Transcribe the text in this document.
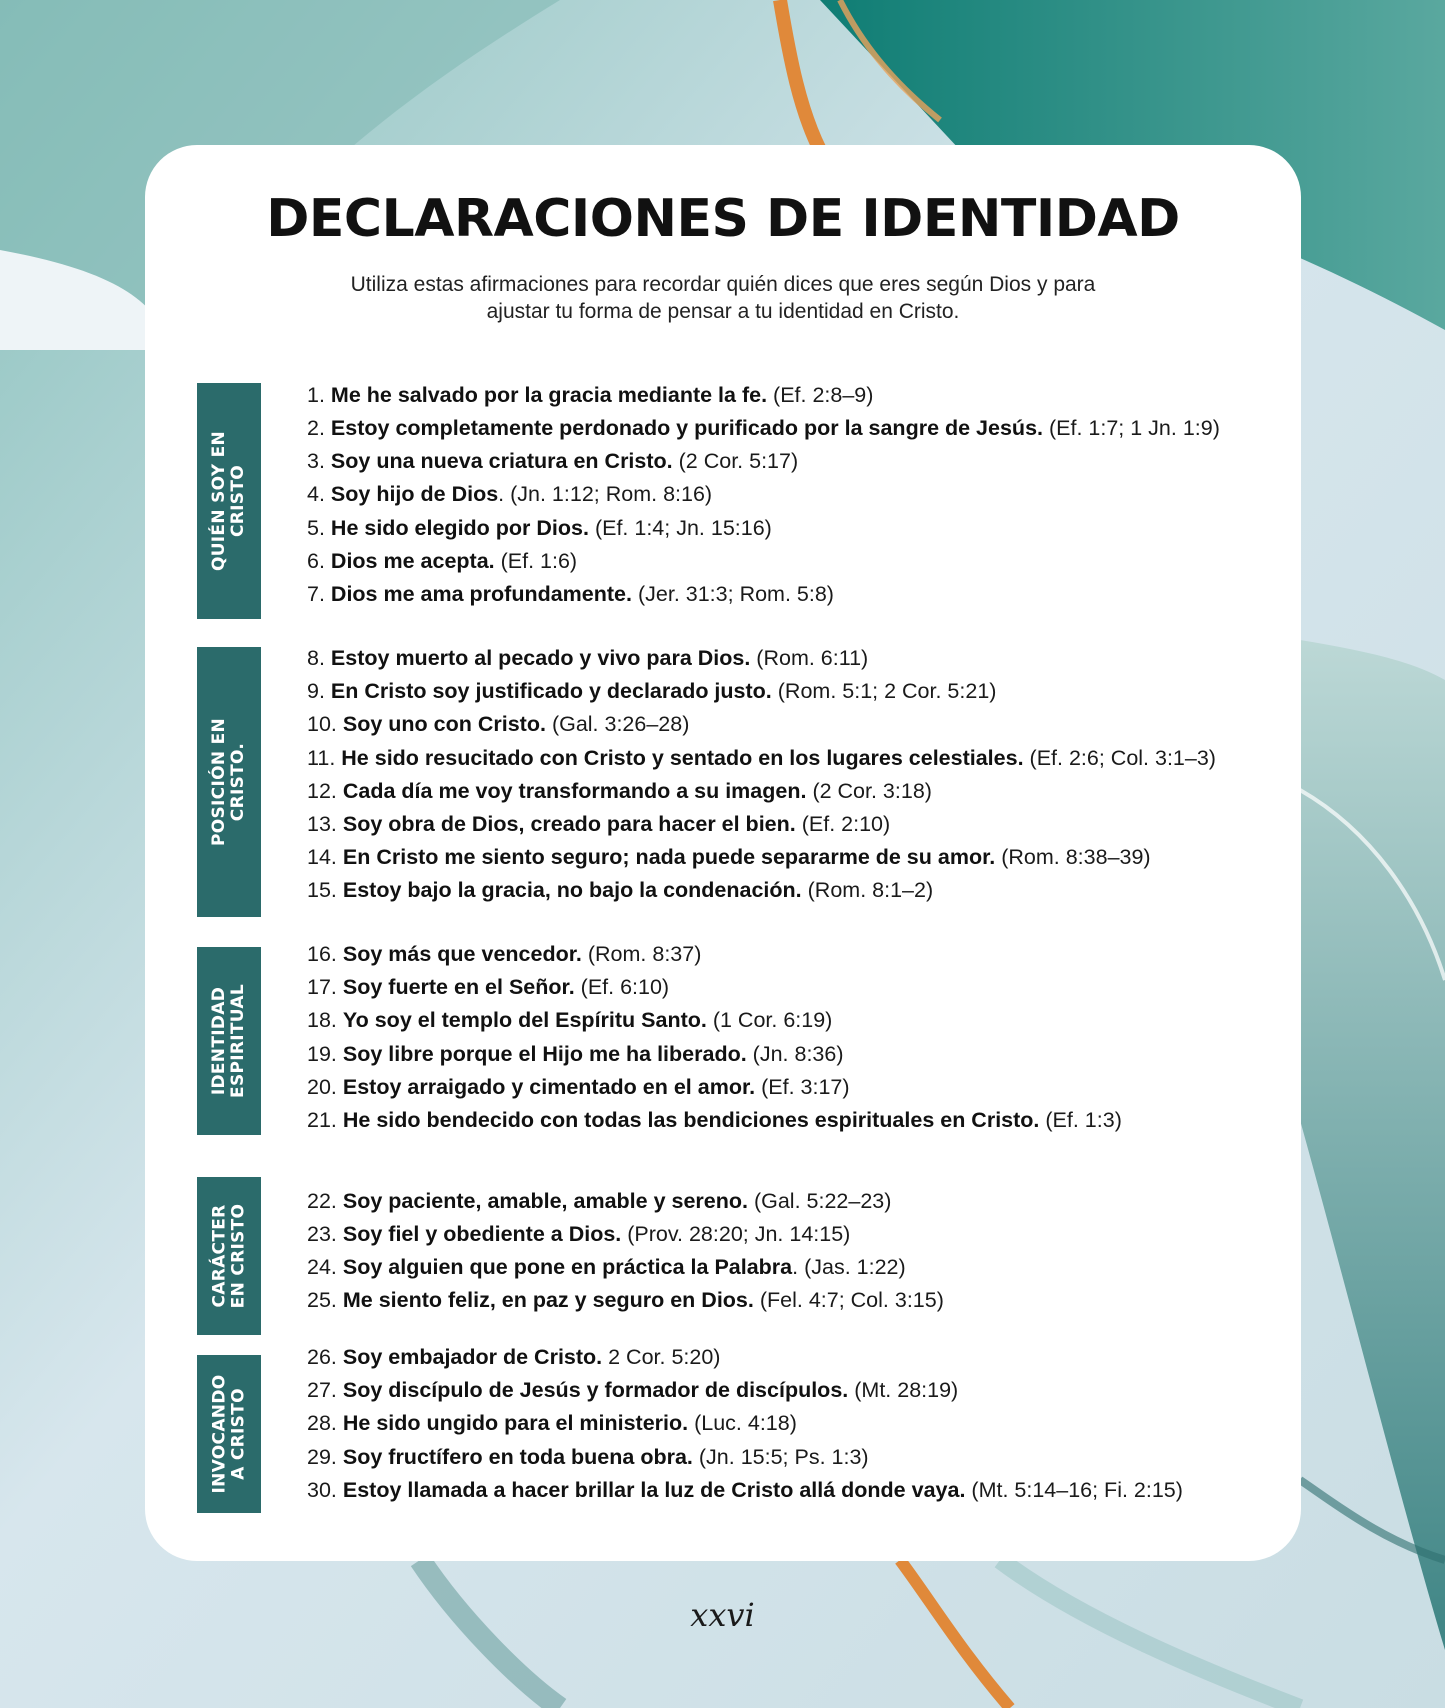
DECLARACIONES DE IDENTIDAD

Utiliza estas afirmaciones para recordar quién dices que eres según Dios y para
ajustar tu forma de pensar a tu identidad en Cristo.

QUIÉN SOY EN CRISTO
POSICIÓN EN CRISTO.
IDENTIDAD ESPIRITUAL
CARÁCTER EN CRISTO
INVOCANDO A CRISTO
1. Me he salvado por la gracia mediante la fe. (Ef. 2:8–9)
2. Estoy completamente perdonado y purificado por la sangre de Jesús. (Ef. 1:7; 1 Jn. 1:9)
3. Soy una nueva criatura en Cristo. (2 Cor. 5:17)
4. Soy hijo de Dios. (Jn. 1:12; Rom. 8:16)
5. He sido elegido por Dios. (Ef. 1:4; Jn. 15:16)
6. Dios me acepta. (Ef. 1:6)
7. Dios me ama profundamente. (Jer. 31:3; Rom. 5:8)
8. Estoy muerto al pecado y vivo para Dios. (Rom. 6:11)
9. En Cristo soy justificado y declarado justo. (Rom. 5:1; 2 Cor. 5:21)
10. Soy uno con Cristo. (Gal. 3:26–28)
11. He sido resucitado con Cristo y sentado en los lugares celestiales. (Ef. 2:6; Col. 3:1–3)
12. Cada día me voy transformando a su imagen. (2 Cor. 3:18)
13. Soy obra de Dios, creado para hacer el bien. (Ef. 2:10)
14. En Cristo me siento seguro; nada puede separarme de su amor. (Rom. 8:38–39)
15. Estoy bajo la gracia, no bajo la condenación. (Rom. 8:1–2)
16. Soy más que vencedor. (Rom. 8:37)
17. Soy fuerte en el Señor. (Ef. 6:10)
18. Yo soy el templo del Espíritu Santo. (1 Cor. 6:19)
19. Soy libre porque el Hijo me ha liberado. (Jn. 8:36)
20. Estoy arraigado y cimentado en el amor. (Ef. 3:17)
21. He sido bendecido con todas las bendiciones espirituales en Cristo. (Ef. 1:3)
22. Soy paciente, amable, amable y sereno. (Gal. 5:22–23)
23. Soy fiel y obediente a Dios. (Prov. 28:20; Jn. 14:15)
24. Soy alguien que pone en práctica la Palabra. (Jas. 1:22)
25. Me siento feliz, en paz y seguro en Dios. (Fel. 4:7; Col. 3:15)
26. Soy embajador de Cristo. 2 Cor. 5:20)
27. Soy discípulo de Jesús y formador de discípulos. (Mt. 28:19)
28. He sido ungido para el ministerio. (Luc. 4:18)
29. Soy fructífero en toda buena obra. (Jn. 15:5; Ps. 1:3)
30. Estoy llamada a hacer brillar la luz de Cristo allá donde vaya. (Mt. 5:14–16; Fi. 2:15)
xxvi
